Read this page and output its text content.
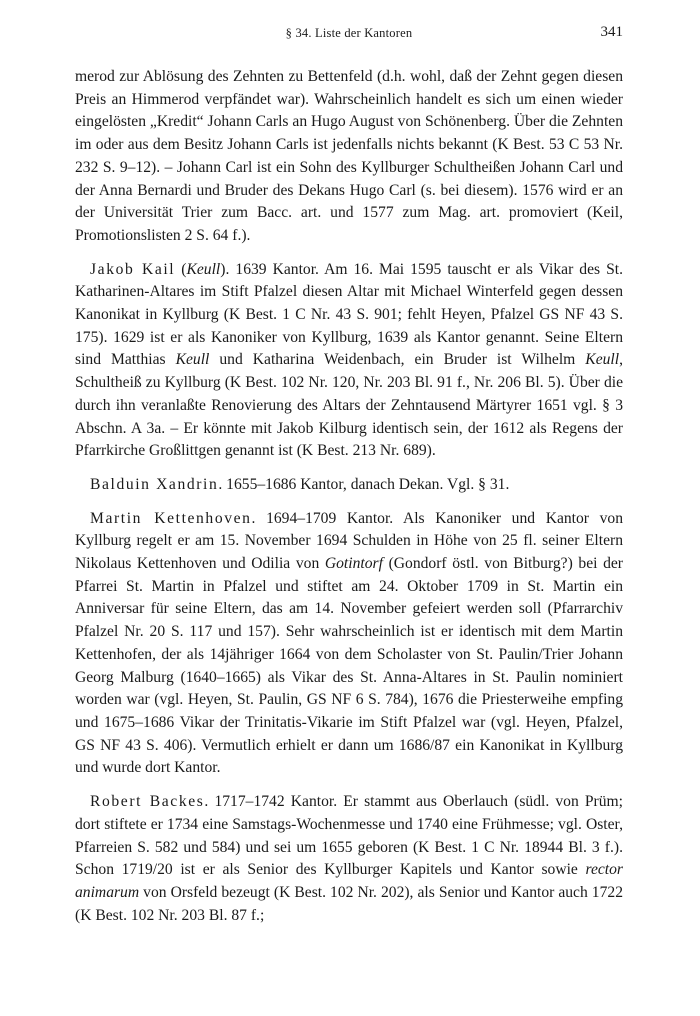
§ 34. Liste der Kantoren	341

merod zur Ablösung des Zehnten zu Bettenfeld (d.h. wohl, daß der Zehnt gegen diesen Preis an Himmerod verpfändet war). Wahrscheinlich handelt es sich um einen wieder eingelösten „Kredit“ Johann Carls an Hugo August von Schönenberg. Über die Zehnten im oder aus dem Besitz Johann Carls ist jedenfalls nichts bekannt (K Best. 53 C 53 Nr. 232 S. 9–12). – Johann Carl ist ein Sohn des Kyllburger Schultheißen Johann Carl und der Anna Bernardi und Bruder des Dekans Hugo Carl (s. bei diesem). 1576 wird er an der Universität Trier zum Bacc. art. und 1577 zum Mag. art. promoviert (Keil, Promotionslisten 2 S. 64 f.).

Jakob Kail (Keull). 1639 Kantor. Am 16. Mai 1595 tauscht er als Vikar des St. Katharinen-Altares im Stift Pfalzel diesen Altar mit Michael Winterfeld gegen dessen Kanonikat in Kyllburg (K Best. 1 C Nr. 43 S. 901; fehlt Heyen, Pfalzel GS NF 43 S. 175). 1629 ist er als Kanoniker von Kyllburg, 1639 als Kantor genannt. Seine Eltern sind Matthias Keull und Katharina Weidenbach, ein Bruder ist Wilhelm Keull, Schultheiß zu Kyllburg (K Best. 102 Nr. 120, Nr. 203 Bl. 91 f., Nr. 206 Bl. 5). Über die durch ihn veranlaßte Renovierung des Altars der Zehntausend Märtyrer 1651 vgl. § 3 Abschn. A 3a. – Er könnte mit Jakob Kilburg identisch sein, der 1612 als Regens der Pfarrkirche Großlittgen genannt ist (K Best. 213 Nr. 689).

Balduin Xandrin. 1655–1686 Kantor, danach Dekan. Vgl. § 31.

Martin Kettenhoven. 1694–1709 Kantor. Als Kanoniker und Kantor von Kyllburg regelt er am 15. November 1694 Schulden in Höhe von 25 fl. seiner Eltern Nikolaus Kettenhoven und Odilia von Gotintorf (Gondorf östl. von Bitburg?) bei der Pfarrei St. Martin in Pfalzel und stiftet am 24. Oktober 1709 in St. Martin ein Anniversar für seine Eltern, das am 14. November gefeiert werden soll (Pfarrarchiv Pfalzel Nr. 20 S. 117 und 157). Sehr wahrscheinlich ist er identisch mit dem Martin Kettenhofen, der als 14jähriger 1664 von dem Scholaster von St. Paulin/Trier Johann Georg Malburg (1640–1665) als Vikar des St. Anna-Altares in St. Paulin nominiert worden war (vgl. Heyen, St. Paulin, GS NF 6 S. 784), 1676 die Priesterweihe empfing und 1675–1686 Vikar der Trinitatis-Vikarie im Stift Pfalzel war (vgl. Heyen, Pfalzel, GS NF 43 S. 406). Vermutlich erhielt er dann um 1686/87 ein Kanonikat in Kyllburg und wurde dort Kantor.

Robert Backes. 1717–1742 Kantor. Er stammt aus Oberlauch (südl. von Prüm; dort stiftete er 1734 eine Samstags-Wochenmesse und 1740 eine Frühmesse; vgl. Oster, Pfarreien S. 582 und 584) und sei um 1655 geboren (K Best. 1 C Nr. 18944 Bl. 3 f.). Schon 1719/20 ist er als Senior des Kyllburger Kapitels und Kantor sowie rector animarum von Orsfeld bezeugt (K Best. 102 Nr. 202), als Senior und Kantor auch 1722 (K Best. 102 Nr. 203 Bl. 87 f.;
